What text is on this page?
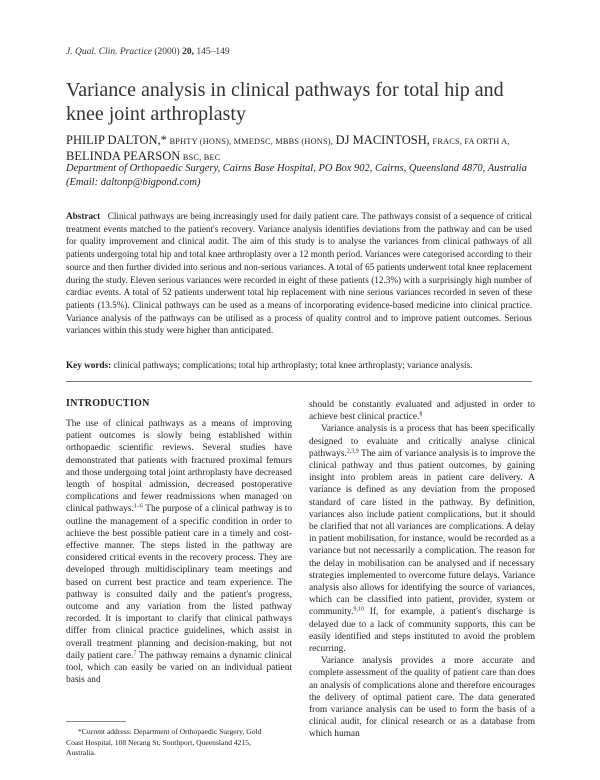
J. Qual. Clin. Practice (2000) 20, 145–149
Variance analysis in clinical pathways for total hip and knee joint arthroplasty
PHILIP DALTON,* BPHTY (HONS), MMEDSC, MBBS (HONS), DJ MACINTOSH, FRACS, FA ORTH A, BELINDA PEARSON BSC, BEC
Department of Orthopaedic Surgery, Cairns Base Hospital, PO Box 902, Cairns, Queensland 4870, Australia (Email: daltonp@bigpond.com)
Abstract Clinical pathways are being increasingly used for daily patient care. The pathways consist of a sequence of critical treatment events matched to the patient's recovery. Variance analysis identifies deviations from the pathway and can be used for quality improvement and clinical audit. The aim of this study is to analyse the variances from clinical pathways of all patients undergoing total hip and total knee arthroplasty over a 12 month period. Variances were categorised according to their source and then further divided into serious and non-serious variances. A total of 65 patients underwent total knee replacement during the study. Eleven serious variances were recorded in eight of these patients (12.3%) with a surprisingly high number of cardiac events. A total of 52 patients underwent total hip replacement with nine serious variances recorded in seven of these patients (13.5%). Clinical pathways can be used as a means of incorporating evidence-based medicine into clinical practice. Variance analysis of the pathways can be utilised as a process of quality control and to improve patient outcomes. Serious variances within this study were higher than anticipated.
Key words: clinical pathways; complications; total hip arthroplasty; total knee arthroplasty; variance analysis.
INTRODUCTION

The use of clinical pathways as a means of improving patient outcomes is slowly being established within orthopaedic scientific reviews. Several studies have demonstrated that patients with fractured proximal femurs and those undergoing total joint arthroplasty have decreased length of hospital admission, decreased postoperative complications and fewer readmissions when managed on clinical pathways.$^{1-6}$ The purpose of a clinical pathway is to outline the management of a specific condition in order to achieve the best possible patient care in a timely and cost-effective manner. The steps listed in the pathway are considered critical events in the recovery process. They are developed through multidisciplinary team meetings and based on current best practice and team experience. The pathway is consulted daily and the patient's progress, outcome and any variation from the listed pathway recorded. It is important to clarify that clinical pathways differ from clinical practice guidelines, which assist in overall treatment planning and decision-making, but not daily patient care.$^7$ The pathway remains a dynamic clinical tool, which can easily be varied on an individual patient basis and

should be constantly evaluated and adjusted in order to achieve best clinical practice.$^8$

Variance analysis is a process that has been specifically designed to evaluate and critically analyse clinical pathways.$^{2,3,9}$ The aim of variance analysis is to improve the clinical pathway and thus patient outcomes, by gaining insight into problem areas in patient care delivery. A variance is defined as any deviation from the proposed standard of care listed in the pathway. By definition, variances also include patient complications, but it should be clarified that not all variances are complications. A delay in patient mobilisation, for instance, would be recorded as a variance but not necessarily a complication. The reason for the delay in mobilisation can be analysed and if necessary strategies implemented to overcome future delays. Variance analysis also allows for identifying the source of variances, which can be classified into patient, provider, system or community.$^{9,10}$ If, for example, a patient's discharge is delayed due to a lack of community supports, this can be easily identified and steps instituted to avoid the problem recurring.

Variance analysis provides a more accurate and complete assessment of the quality of patient care than does an analysis of complications alone and therefore encourages the delivery of optimal patient care. The data generated from variance analysis can be used to form the basis of a clinical audit, for clinical research or as a database from which human

*Current address: Department of Orthopaedic Surgery, Gold
Coast Hospital, 108 Nerang St, Southport, Queensland 4215,
Australia.
